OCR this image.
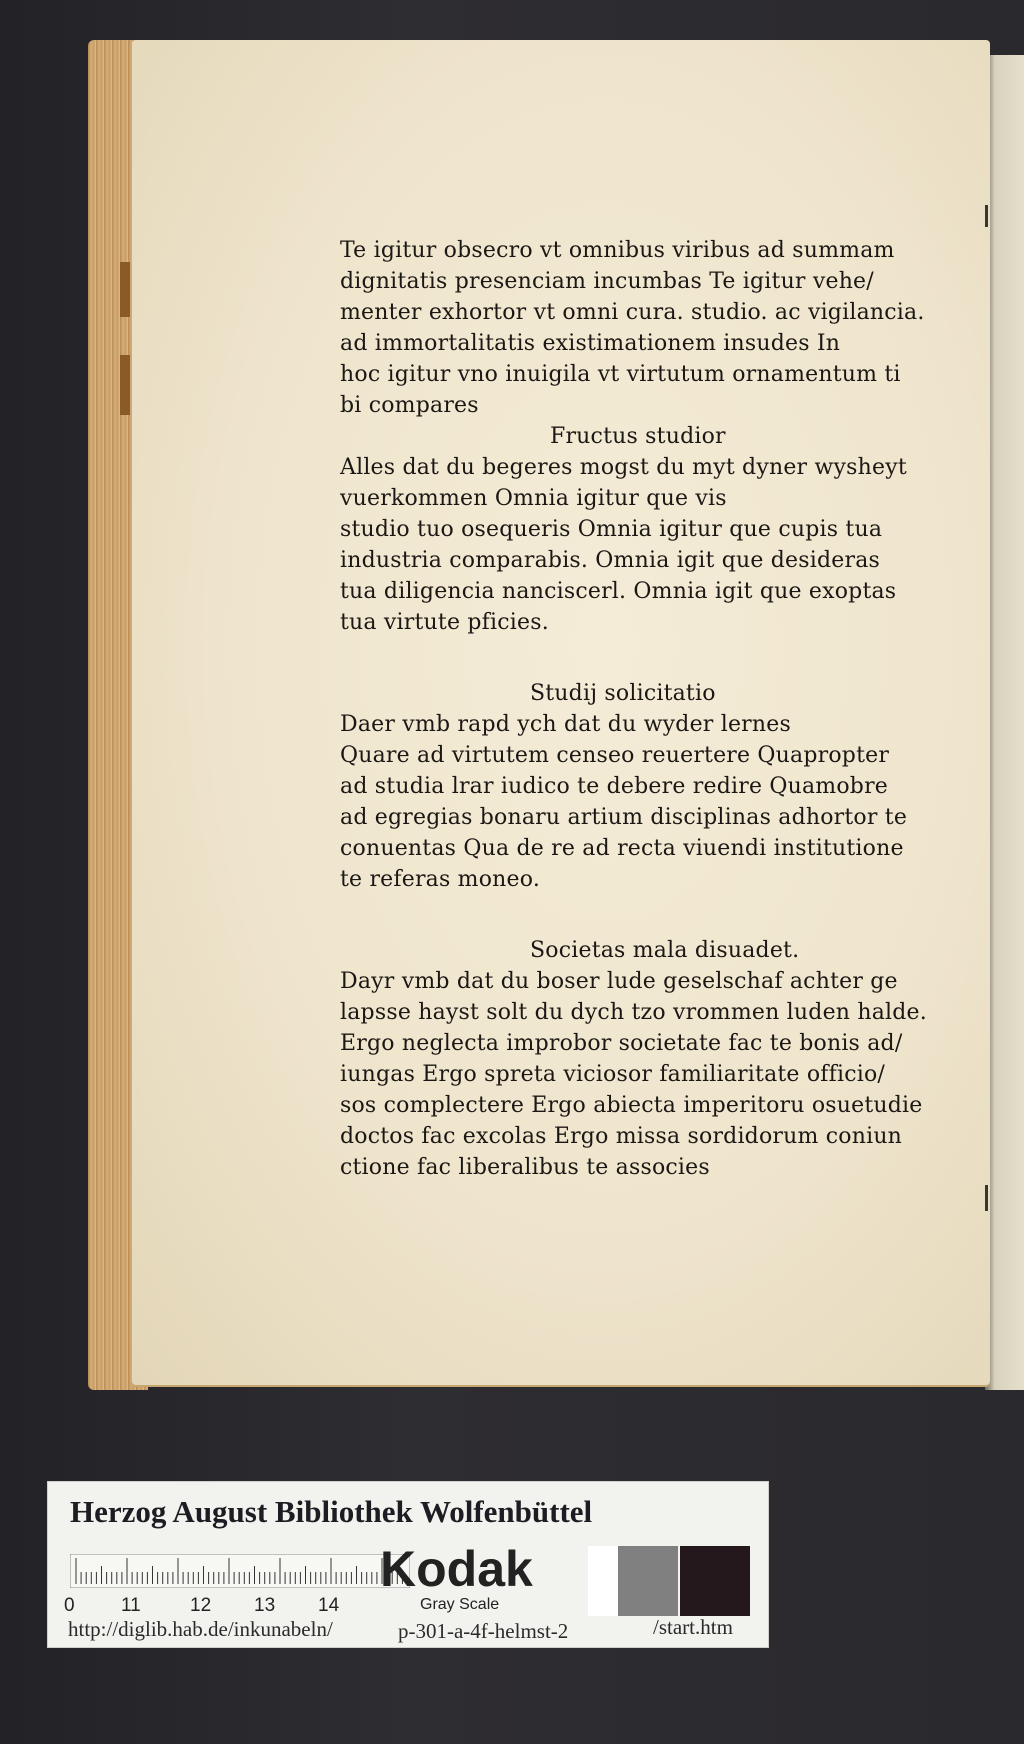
Te igitur obsecro vt omnibus viribus ad summam
dignitatis presenciam incumbas Te igitur vehe/
menter exhortor vt omni cura. studio. ac vigilancia.
ad immortalitatis existimationem insudes In
hoc igitur vno inuigila vt virtutum ornamentum ti
bi compares
Fructus studior
Alles dat du begeres mogst du myt dyner wysheyt
vuerkommen Omnia igitur que vis
studio tuo osequeris Omnia igitur que cupis tua
industria comparabis. Omnia igit que desideras
tua diligencia nanciscerl. Omnia igit que exoptas
tua virtute pficies.
Studij solicitatio
Daer vmb rapd ych dat du wyder lernes
Quare ad virtutem censeo reuertere Quapropter
ad studia lrar iudico te debere redire Quamobre
ad egregias bonaru artium disciplinas adhortor te
conuentas Qua de re ad recta viuendi institutione
te referas moneo.
Societas mala disuadet.
Dayr vmb dat du boser lude geselschaf achter ge
lapsse hayst solt du dych tzo vrommen luden halde.
Ergo neglecta improbor societate fac te bonis ad/
iungas Ergo spreta viciosor familiaritate officio/
sos complectere Ergo abiecta imperitoru osuetudie
doctos fac excolas Ergo missa sordidorum coniun
ctione fac liberalibus te associes
Herzog August Bibliothek Wolfenbüttel
0 11	12 13 14
Kodak
Gray Scale
http://diglib.hab.de/inkunabeln/	p-301-a-4f-helmst-2	/start.htm
